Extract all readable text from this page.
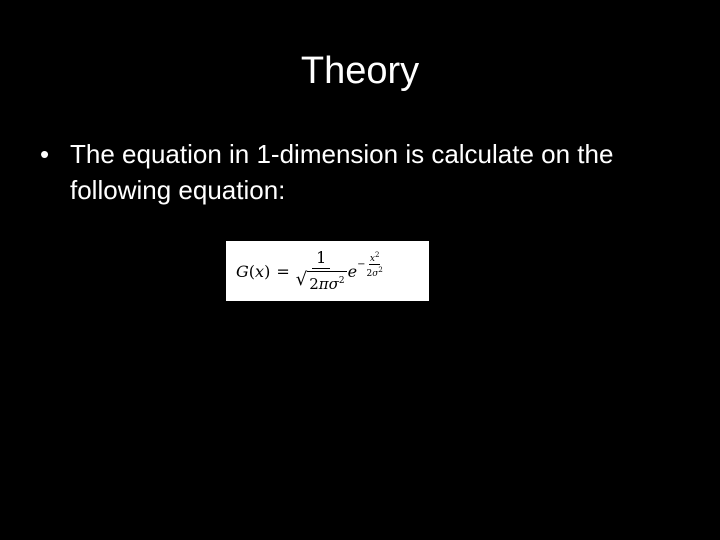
Theory
• The equation in 1-dimension is calculate on the following equation:
$G(x) = \frac{1}{√ 2\pi\sigma^2}$ $e - \frac{x^2}{2\sigma^2}$
